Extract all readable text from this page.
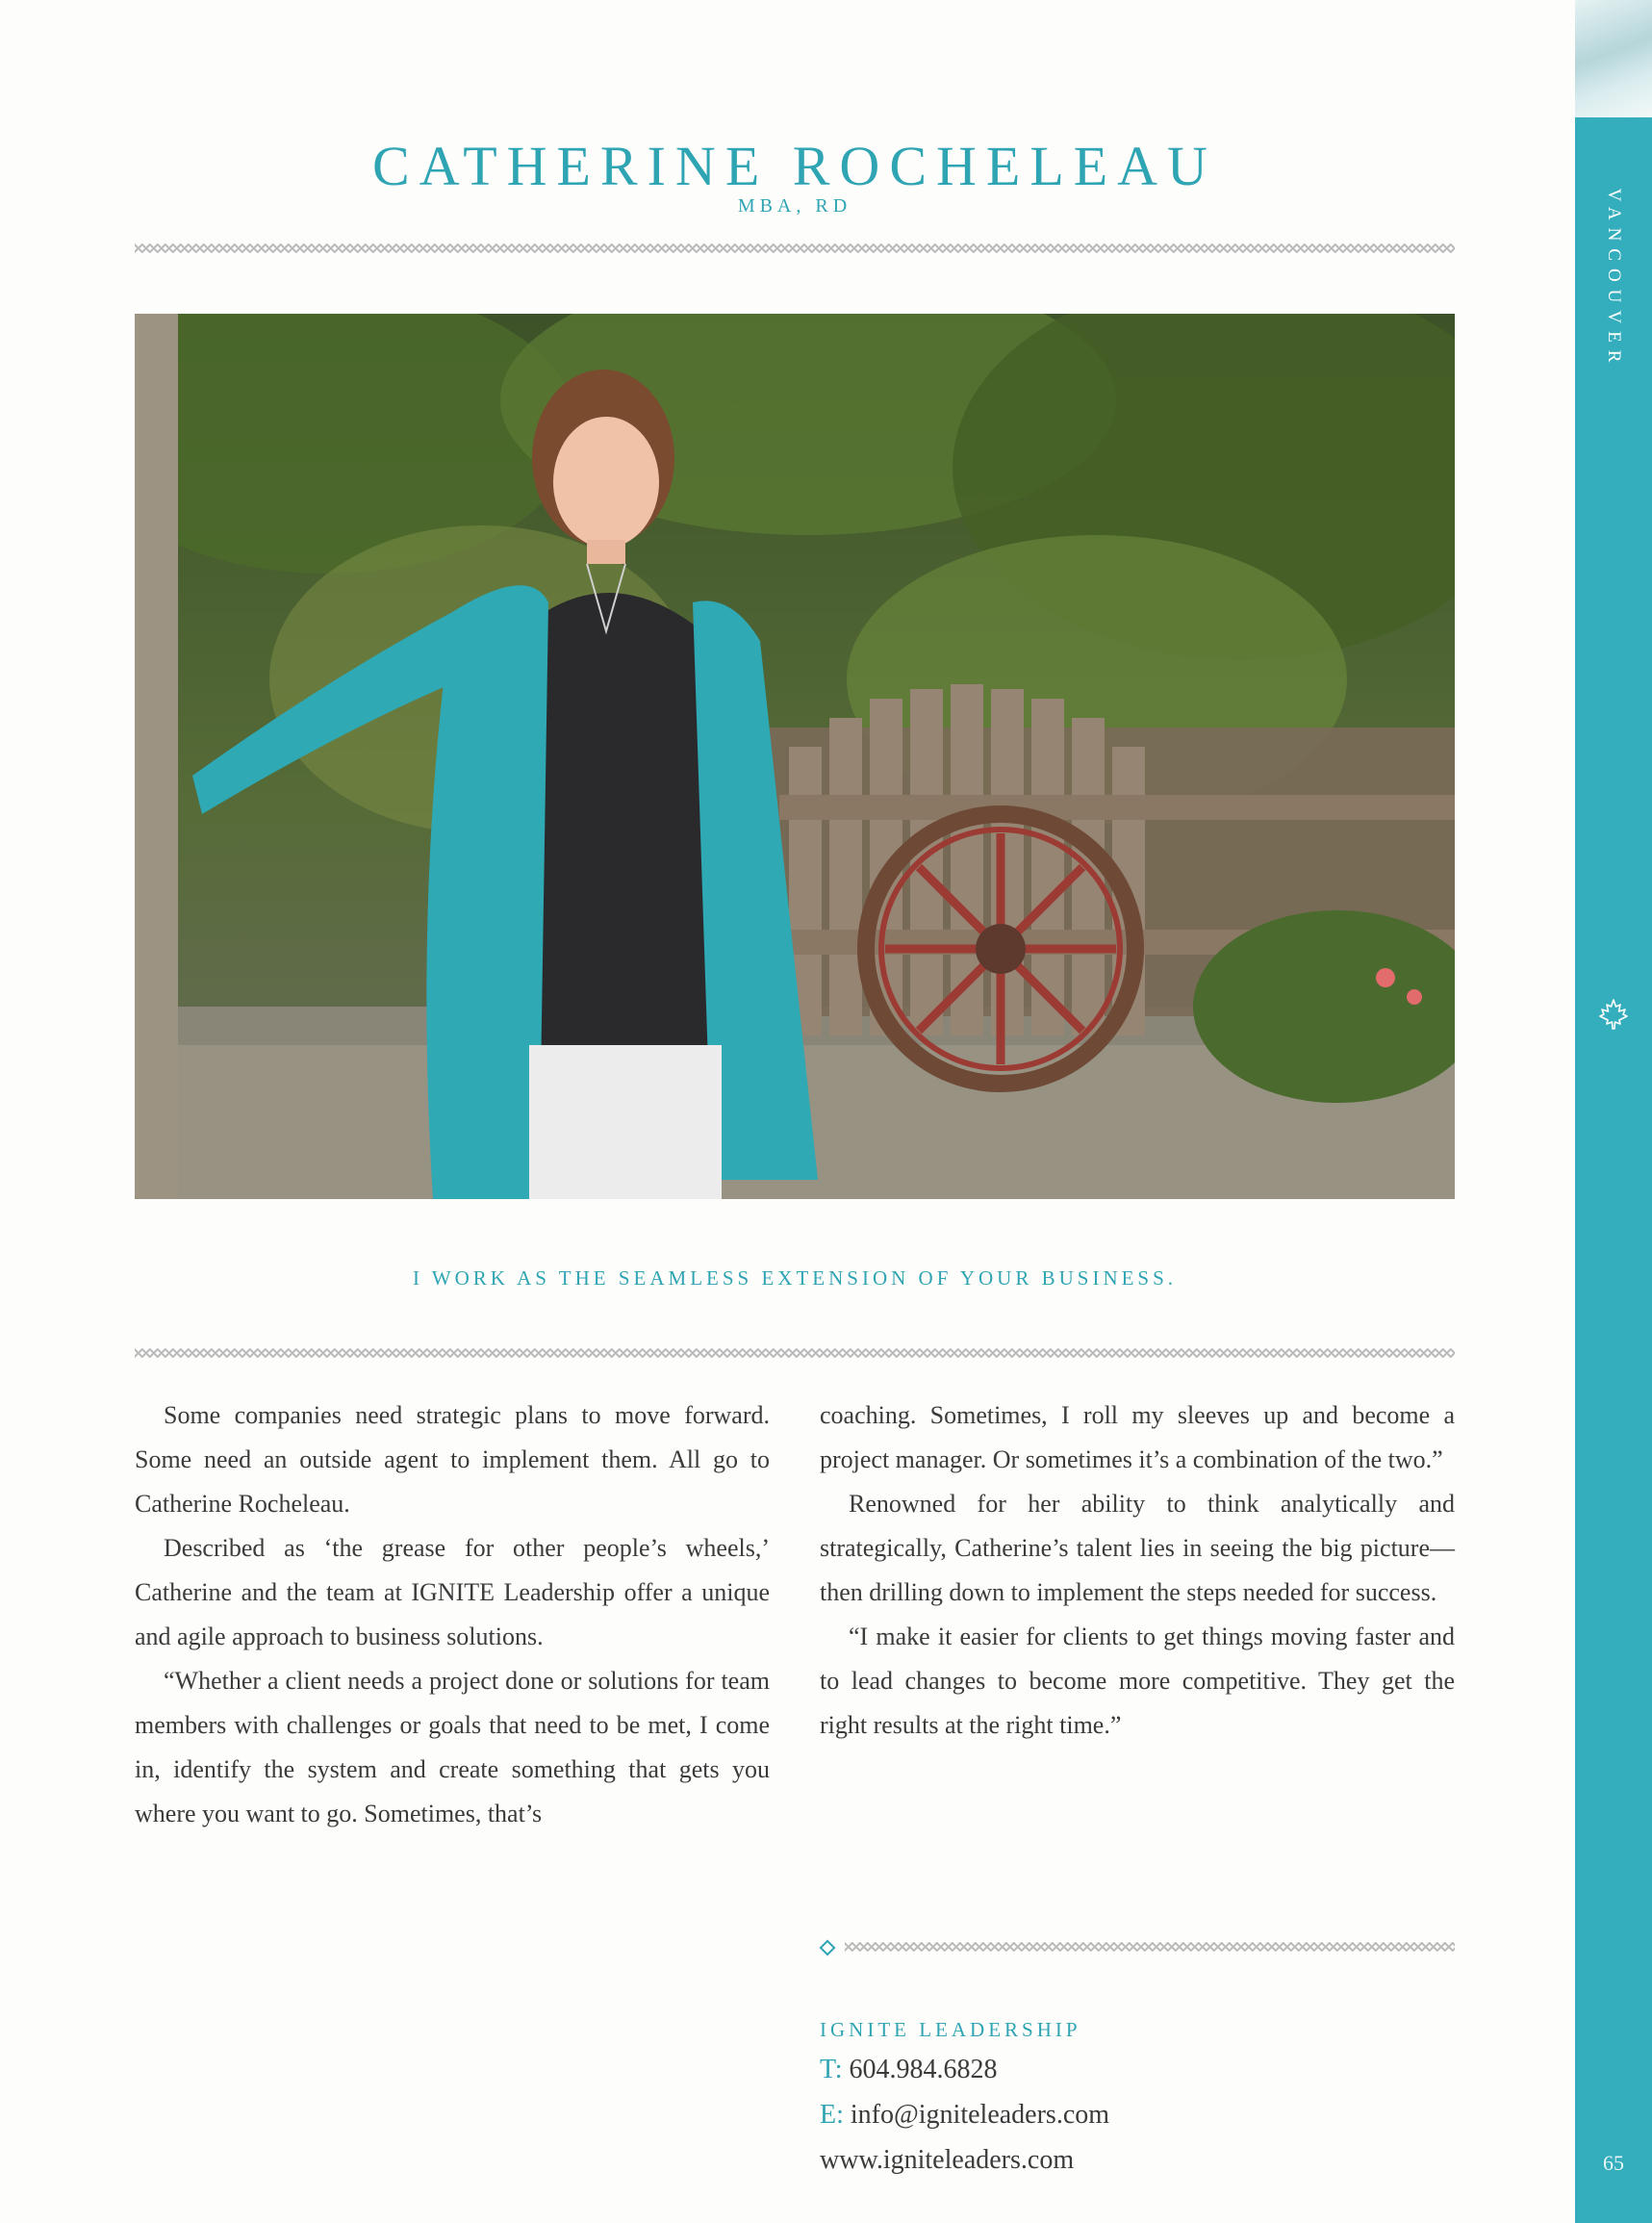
VANCOUVER
65
CATHERINE ROCHELEAU
MBA, RD
I WORK AS THE SEAMLESS EXTENSION OF YOUR BUSINESS.

Some companies need strategic plans to move forward. Some need an outside agent to implement them. All go to Catherine Rocheleau.

Described as ‘the grease for other people’s wheels,’ Catherine and the team at IGNITE Leadership offer a unique and agile approach to business solutions.

“Whether a client needs a project done or solutions for team members with challenges or goals that need to be met, I come in, identify the system and create something that gets you where you want to go. Sometimes, that’s

coaching. Sometimes, I roll my sleeves up and become a project manager. Or sometimes it’s a combination of the two.”

Renowned for her ability to think analytically and strategically, Catherine’s talent lies in seeing the big picture—then drilling down to implement the steps needed for success.

“I make it easier for clients to get things moving faster and to lead changes to become more competitive. They get the right results at the right time.”

IGNITE LEADERSHIP
T: 604.984.6828
E: info@igniteleaders.com
www.igniteleaders.com
